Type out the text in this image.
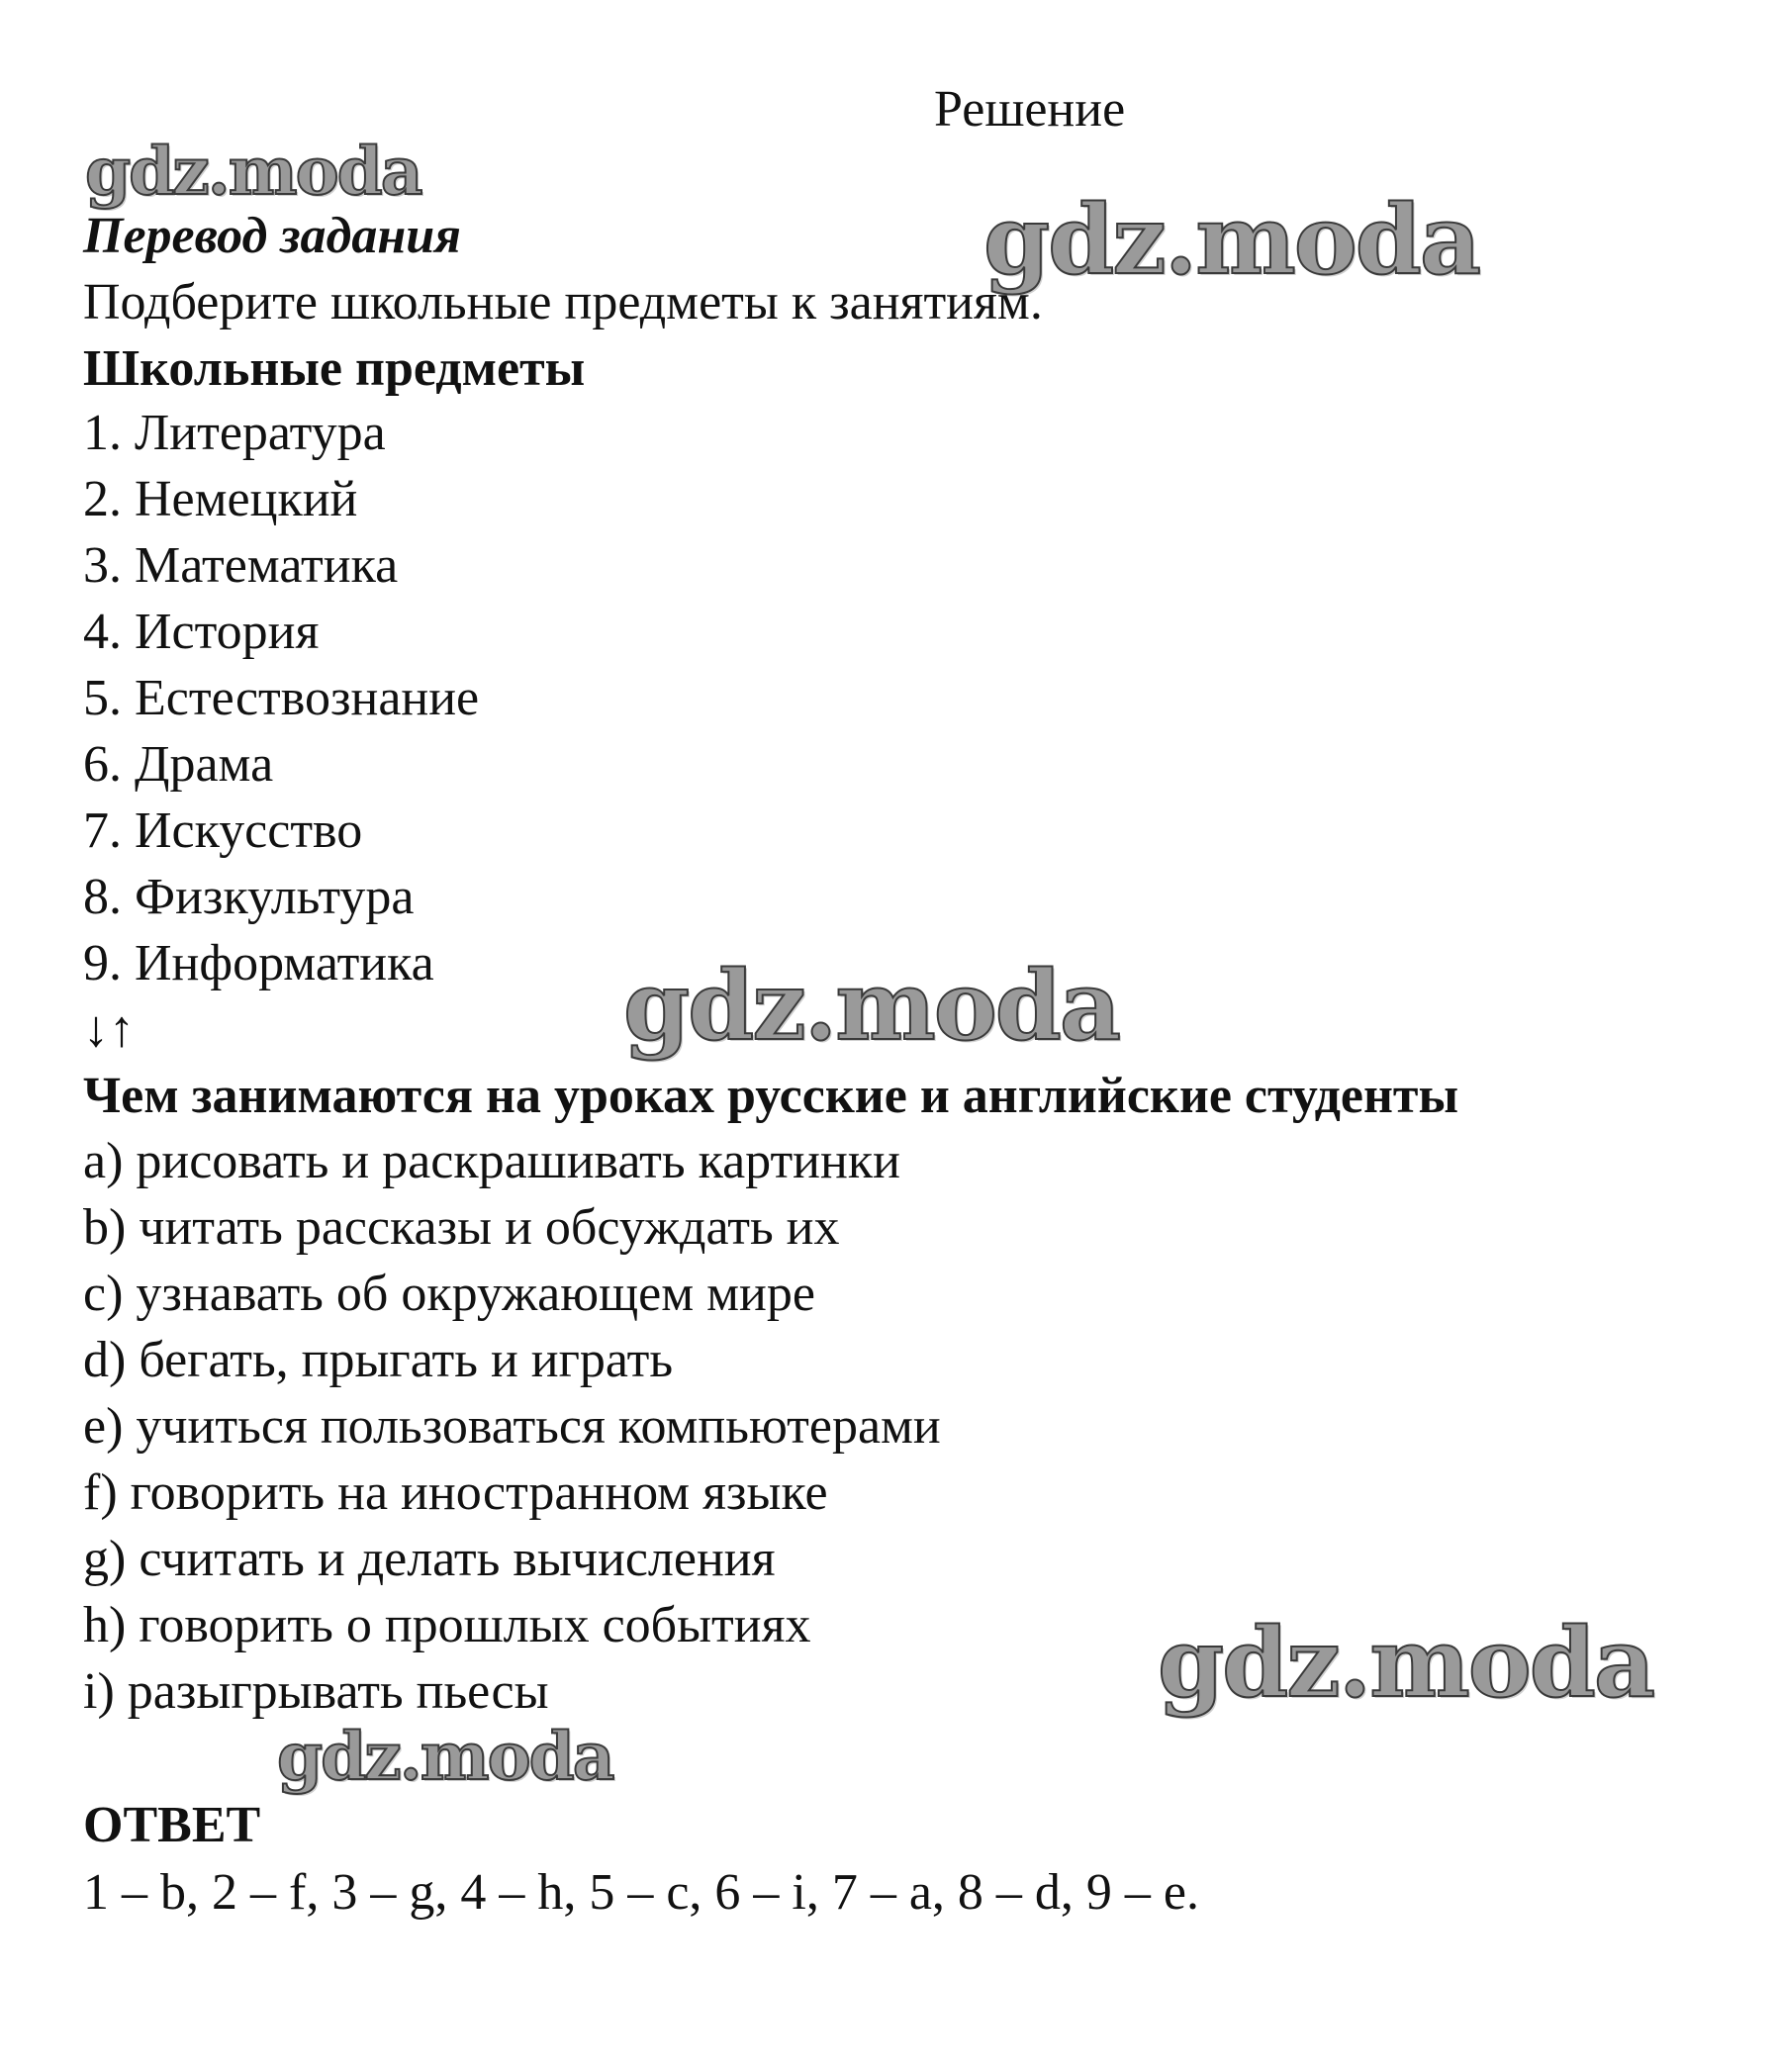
Решение
gdz.moda
gdz.moda
gdz.moda
gdz.moda
gdz.moda
Перевод задания
Подберите школьные предметы к занятиям.
Школьные предметы
1. Литература
2. Немецкий
3. Математика
4. История
5. Естествознание
6. Драма
7. Искусство
8. Физкультура
9. Информатика
↓↑
Чем занимаются на уроках русские и английские студенты
a) рисовать и раскрашивать картинки
b) читать рассказы и обсуждать их
c) узнавать об окружающем мире
d) бегать, прыгать и играть
e) учиться пользоваться компьютерами
f) говорить на иностранном языке
g) считать и делать вычисления
h) говорить о прошлых событиях
i) разыгрывать пьесы
ОТВЕТ
1 – b, 2 – f, 3 – g, 4 – h, 5 – c, 6 – i, 7 – a, 8 – d, 9 – e.
